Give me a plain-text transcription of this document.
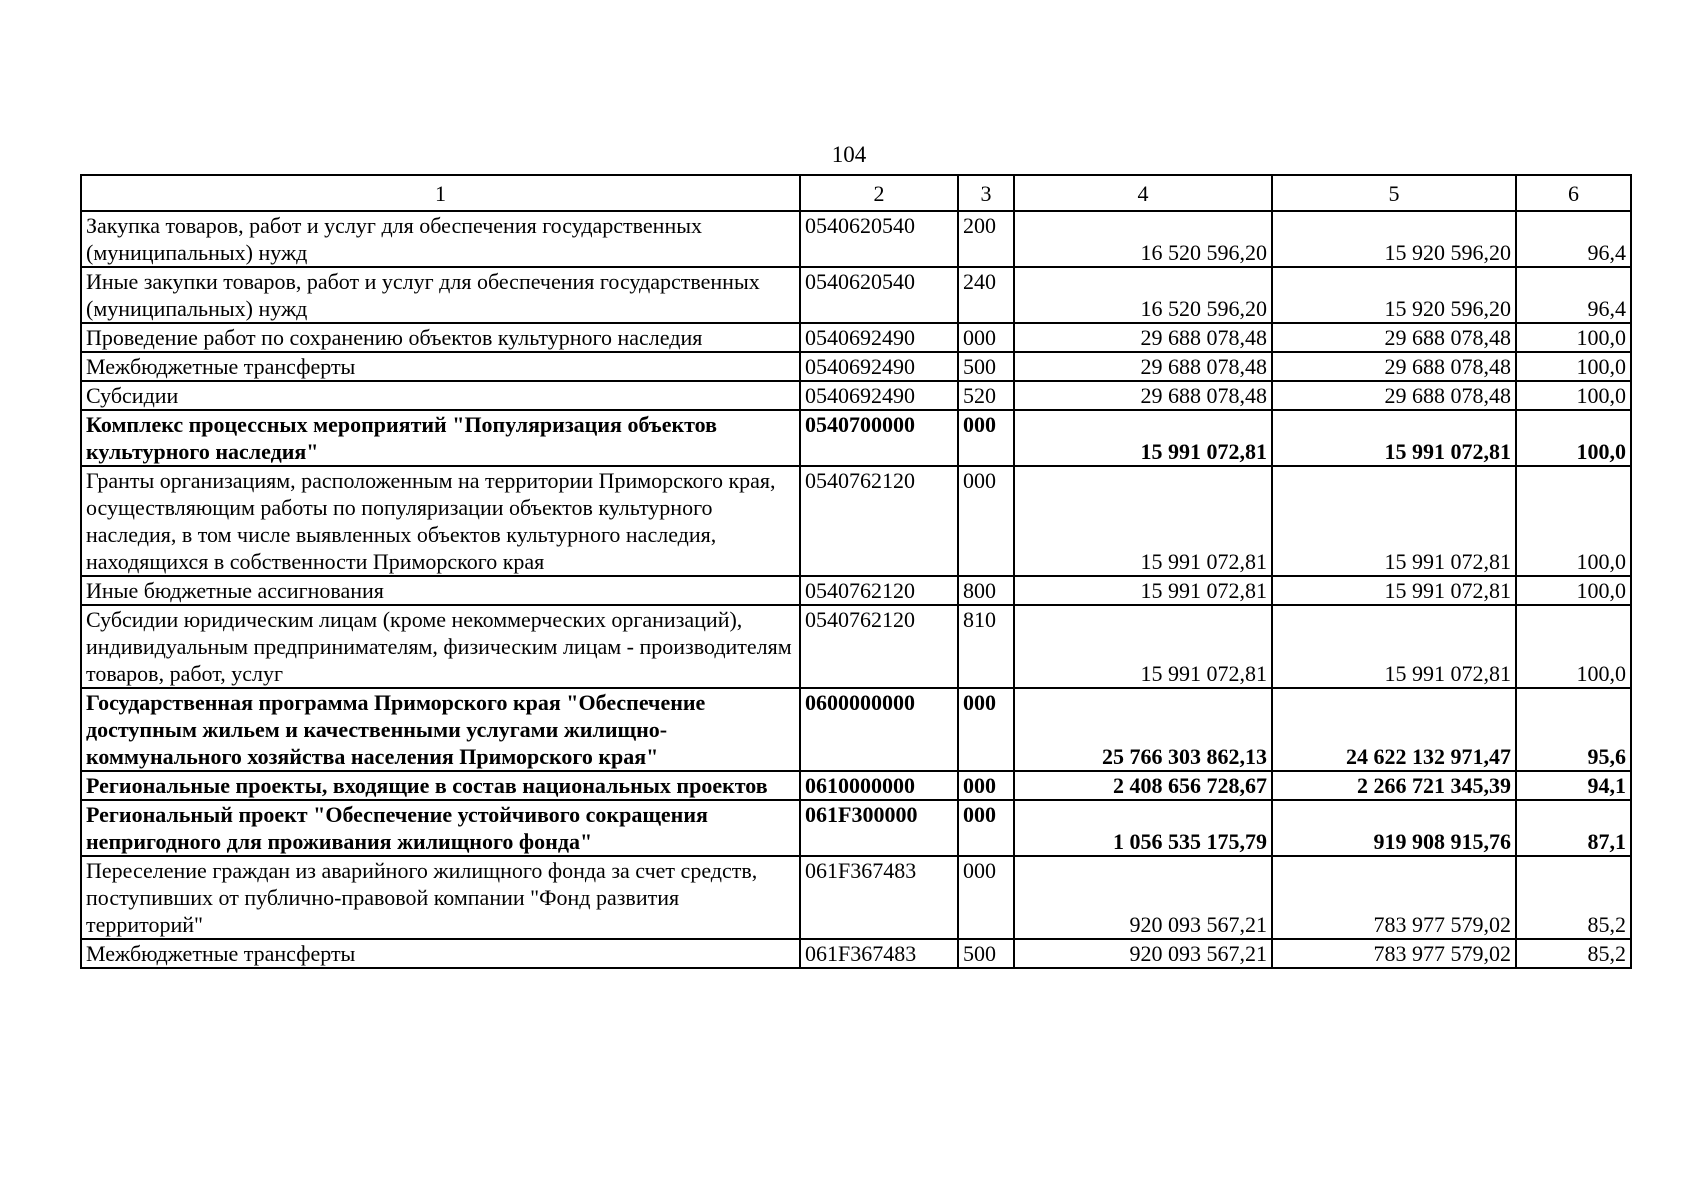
104
1	2	3	4	5	6
Закупка товаров, работ и услуг для обеспечения государственных (муниципальных) нужд	0540620540	200	16 520 596,20	15 920 596,20	96,4
Иные закупки товаров, работ и услуг для обеспечения государственных (муниципальных) нужд	0540620540	240	16 520 596,20	15 920 596,20	96,4
Проведение работ по сохранению объектов культурного наследия	0540692490	000	29 688 078,48	29 688 078,48	100,0
Межбюджетные трансферты	0540692490	500	29 688 078,48	29 688 078,48	100,0
Субсидии	0540692490	520	29 688 078,48	29 688 078,48	100,0
Комплекс процессных мероприятий "Популяризация объектов культурного наследия"	0540700000	000	15 991 072,81	15 991 072,81	100,0
Гранты организациям, расположенным на территории Приморского края, осуществляющим работы по популяризации объектов культурного наследия, в том числе выявленных объектов культурного наследия, находящихся в собственности Приморского края	0540762120	000	15 991 072,81	15 991 072,81	100,0
Иные бюджетные ассигнования	0540762120	800	15 991 072,81	15 991 072,81	100,0
Субсидии юридическим лицам (кроме некоммерческих организаций), индивидуальным предпринимателям, физическим лицам - производителям товаров, работ, услуг	0540762120	810	15 991 072,81	15 991 072,81	100,0
Государственная программа Приморского края "Обеспечение доступным жильем и качественными услугами жилищно-коммунального хозяйства населения Приморского края"	0600000000	000	25 766 303 862,13	24 622 132 971,47	95,6
Региональные проекты, входящие в состав национальных проектов	0610000000	000	2 408 656 728,67	2 266 721 345,39	94,1
Региональный проект "Обеспечение устойчивого сокращения непригодного для проживания жилищного фонда"	061F300000	000	1 056 535 175,79	919 908 915,76	87,1
Переселение граждан из аварийного жилищного фонда за счет средств, поступивших от публично-правовой компании "Фонд развития территорий"	061F367483	000	920 093 567,21	783 977 579,02	85,2
Межбюджетные трансферты	061F367483	500	920 093 567,21	783 977 579,02	85,2
